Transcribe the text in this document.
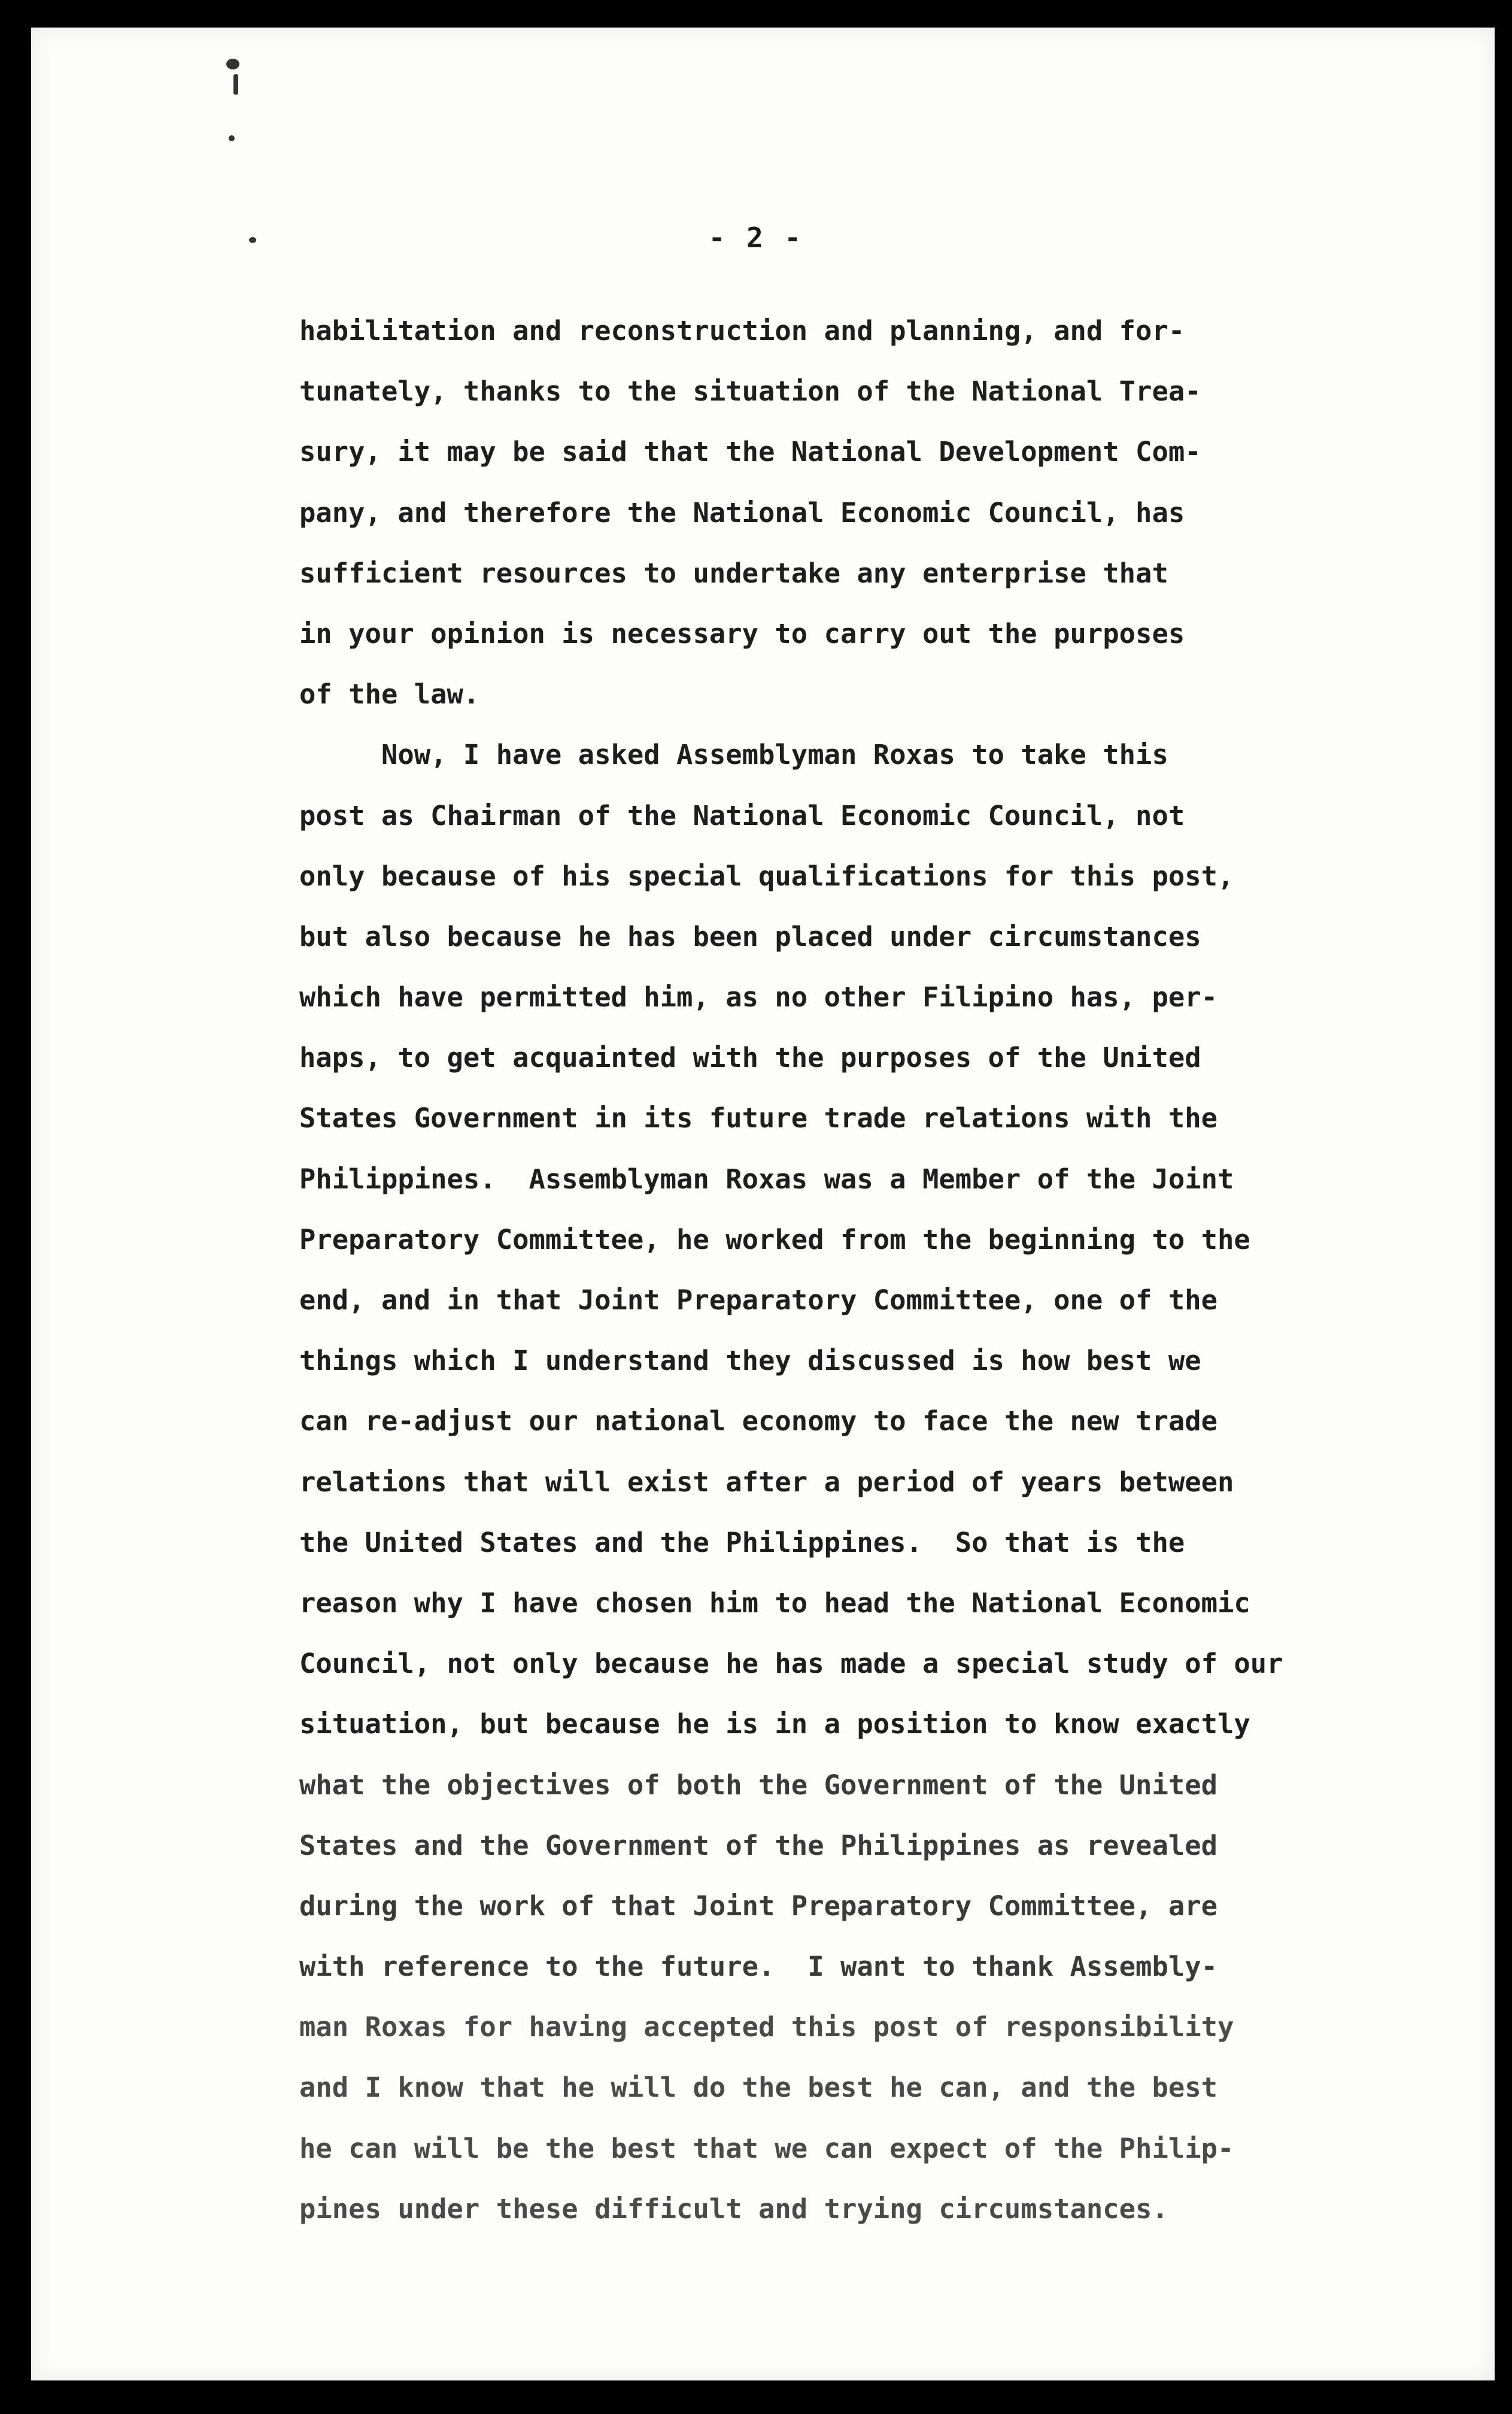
- 2 -
habilitation and reconstruction and planning, and for-
tunately, thanks to the situation of the National Trea-
sury, it may be said that the National Development Com-
pany, and therefore the National Economic Council, has
sufficient resources to undertake any enterprise that
in your opinion is necessary to carry out the purposes
of the law.
Now, I have asked Assemblyman Roxas to take this
post as Chairman of the National Economic Council, not
only because of his special qualifications for this post,
but also because he has been placed under circumstances
which have permitted him, as no other Filipino has, per-
haps, to get acquainted with the purposes of the United
States Government in its future trade relations with the
Philippines.  Assemblyman Roxas was a Member of the Joint
Preparatory Committee, he worked from the beginning to the
end, and in that Joint Preparatory Committee, one of the
things which I understand they discussed is how best we
can re-adjust our national economy to face the new trade
relations that will exist after a period of years between
the United States and the Philippines.  So that is the
reason why I have chosen him to head the National Economic
Council, not only because he has made a special study of our
situation, but because he is in a position to know exactly
what the objectives of both the Government of the United
States and the Government of the Philippines as revealed
during the work of that Joint Preparatory Committee, are
with reference to the future.  I want to thank Assembly-
man Roxas for having accepted this post of responsibility
and I know that he will do the best he can, and the best
he can will be the best that we can expect of the Philip-
pines under these difficult and trying circumstances.
